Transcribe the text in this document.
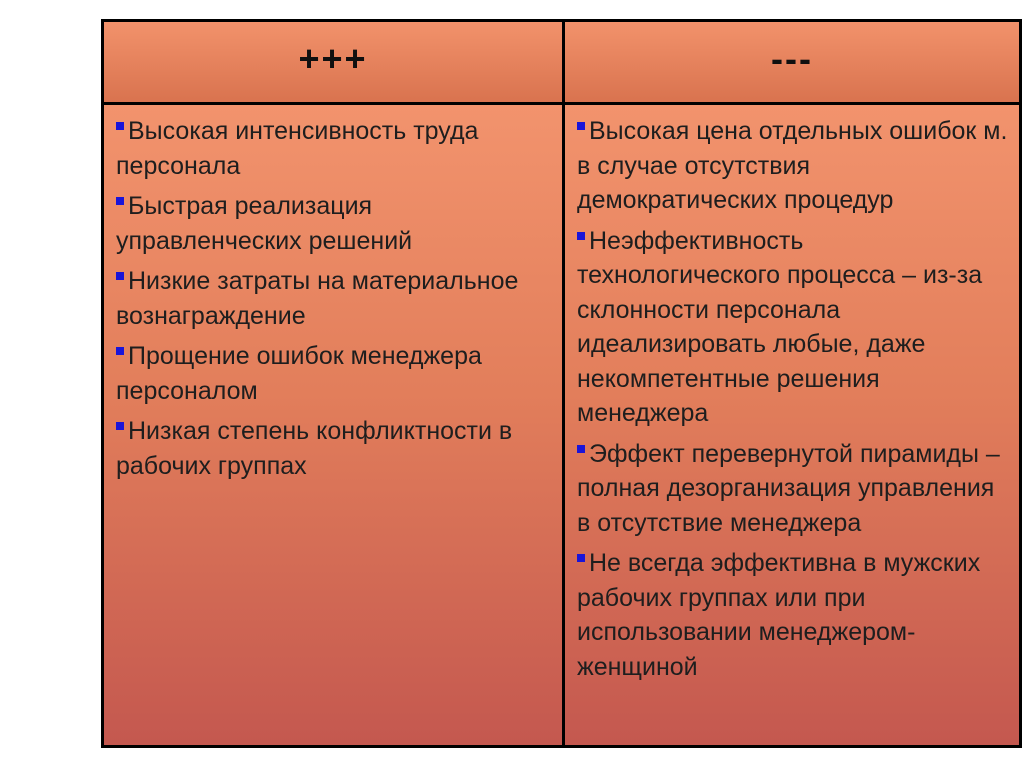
+++	---
Высокая интенсивность труда персонала
Быстрая реализация управленческих решений
Низкие затраты на материальное вознаграждение
Прощение ошибок менеджера персоналом
Низкая степень конфликтности в рабочих группах
Высокая цена отдельных ошибок м. в случае отсутствия демократических процедур
Неэффективность технологического процесса – из-за склонности персонала идеализировать любые, даже некомпетентные решения менеджера
Эффект перевернутой пирамиды – полная дезорганизация управления в отсутствие менеджера
Не всегда эффективна в мужских рабочих группах или при использовании менеджером-женщиной
